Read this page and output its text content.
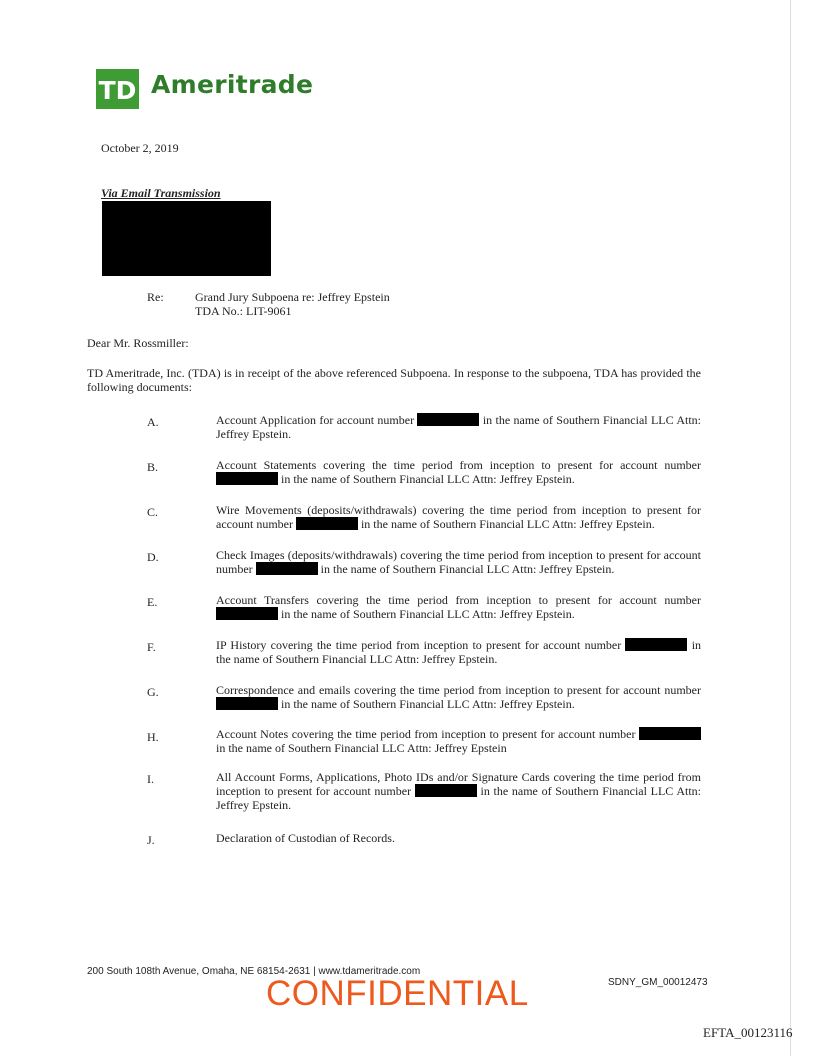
TD Ameritrade
October 2, 2019
Via Email Transmission
Re:	Grand Jury Subpoena re: Jeffrey Epstein
TDA No.: LIT-9061
Dear Mr. Rossmiller:
TD Ameritrade, Inc. (TDA) is in receipt of the above referenced Subpoena. In response to the subpoena, TDA has provided the following documents:
A.	Account Application for account number	in the name of Southern Financial LLC Attn: Jeffrey Epstein.
B.	Account Statements covering the time period from inception to present for account number  in the name of Southern Financial LLC Attn: Jeffrey Epstein.
C.	Wire Movements (deposits/withdrawals) covering the time period from inception to present for account number	in the name of Southern Financial LLC Attn: Jeffrey Epstein.
D.	Check Images (deposits/withdrawals) covering the time period from inception to present for account number	in the name of Southern Financial LLC Attn: Jeffrey Epstein.
E.	Account Transfers covering the time period from inception to present for account number  in the name of Southern Financial LLC Attn: Jeffrey Epstein.
F.	IP History covering the time period from inception to present for account number	in the name of Southern Financial LLC Attn: Jeffrey Epstein.
G.	Correspondence and emails covering the time period from inception to present for account number  in the name of Southern Financial LLC Attn: Jeffrey Epstein.
H.	Account Notes covering the time period from inception to present for account number  in the name of Southern Financial LLC Attn: Jeffrey Epstein
I.	All Account Forms, Applications, Photo IDs and/or Signature Cards covering the time period from inception to present for account number	in the name of Southern Financial LLC Attn: Jeffrey Epstein.
J.	Declaration of Custodian of Records.
200 South 108th Avenue, Omaha, NE 68154-2631 | www.tdameritrade.com
SDNY_GM_00012473
CONFIDENTIAL
EFTA_00123116
